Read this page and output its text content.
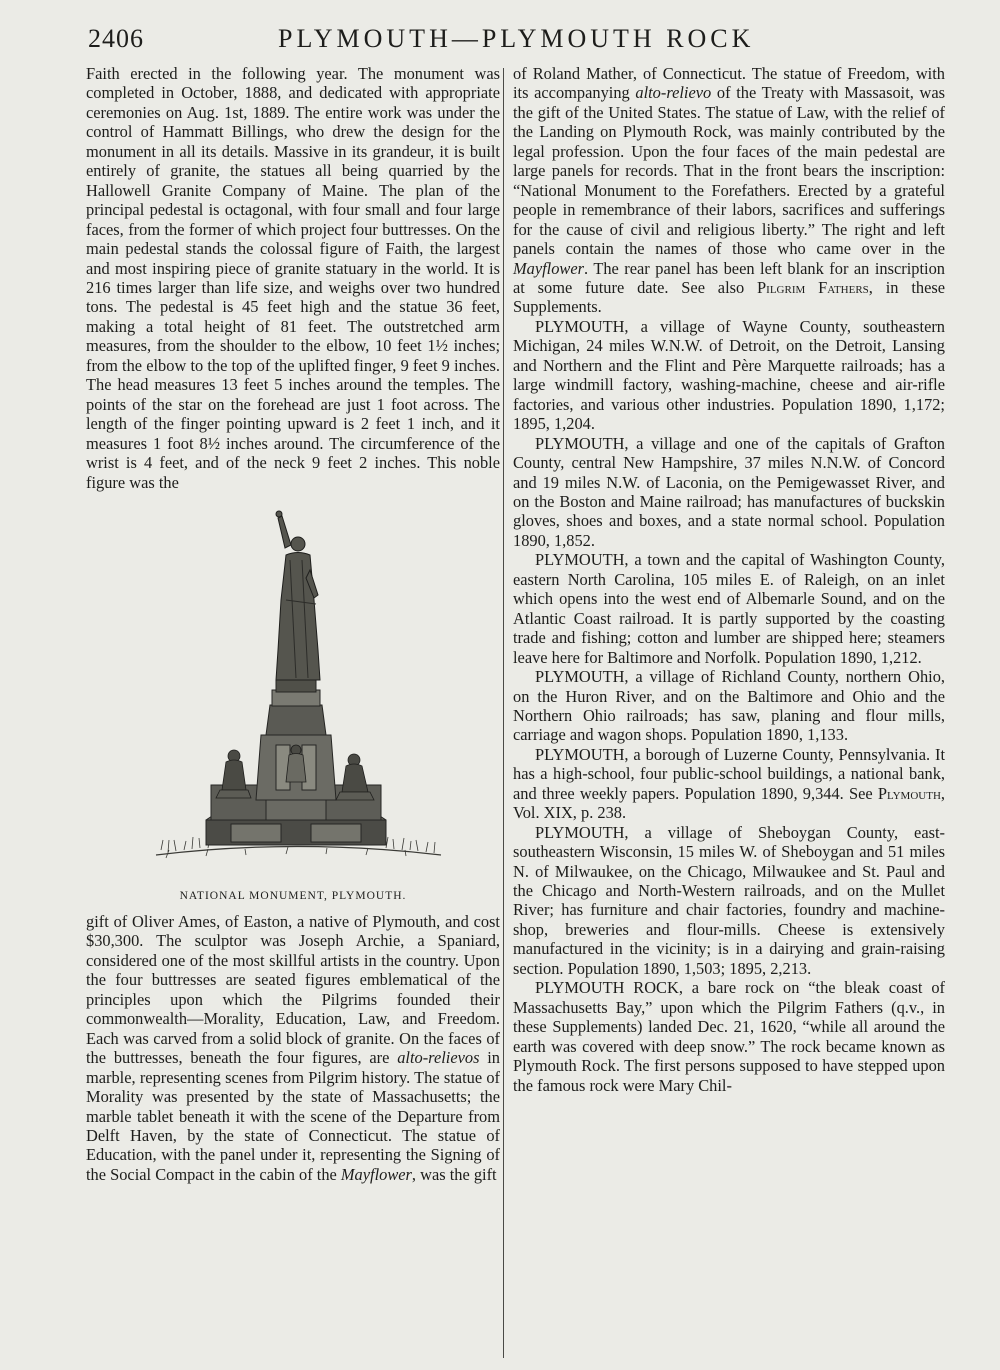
2406	PLYMOUTH—PLYMOUTH ROCK

Faith erected in the following year. The monument was completed in October, 1888, and dedicated with appropriate ceremonies on Aug. 1st, 1889. The entire work was under the control of Hammatt Billings, who drew the design for the monument in all its details. Massive in its grandeur, it is built entirely of granite, the statues all being quarried by the Hallowell Granite Company of Maine. The plan of the principal pedestal is octagonal, with four small and four large faces, from the former of which project four buttresses. On the main pedestal stands the colossal figure of Faith, the largest and most inspiring piece of granite statuary in the world. It is 216 times larger than life size, and weighs over two hundred tons. The pedestal is 45 feet high and the statue 36 feet, making a total height of 81 feet. The outstretched arm measures, from the shoulder to the elbow, 10 feet 1½ inches; from the elbow to the top of the uplifted finger, 9 feet 9 inches. The head measures 13 feet 5 inches around the temples. The points of the star on the forehead are just 1 foot across. The length of the finger pointing upward is 2 feet 1 inch, and it measures 1 foot 8½ inches around. The circumference of the wrist is 4 feet, and of the neck 9 feet 2 inches. This noble figure was the

NATIONAL MONUMENT, PLYMOUTH.

gift of Oliver Ames, of Easton, a native of Plymouth, and cost $30,300. The sculptor was Joseph Archie, a Spaniard, considered one of the most skillful artists in the country. Upon the four buttresses are seated figures emblematical of the principles upon which the Pilgrims founded their commonwealth—Morality, Education, Law, and Freedom. Each was carved from a solid block of granite. On the faces of the buttresses, beneath the four figures, are alto-relievos in marble, representing scenes from Pilgrim history. The statue of Morality was presented by the state of Massachusetts; the marble tablet beneath it with the scene of the Departure from Delft Haven, by the state of Connecticut. The statue of Education, with the panel under it, representing the Signing of the Social Compact in the cabin of the Mayflower, was the gift

of Roland Mather, of Connecticut. The statue of Freedom, with its accompanying alto-relievo of the Treaty with Massasoit, was the gift of the United States. The statue of Law, with the relief of the Landing on Plymouth Rock, was mainly contributed by the legal profession. Upon the four faces of the main pedestal are large panels for records. That in the front bears the inscription: “National Monument to the Forefathers. Erected by a grateful people in remembrance of their labors, sacrifices and sufferings for the cause of civil and religious liberty.” The right and left panels contain the names of those who came over in the Mayflower. The rear panel has been left blank for an inscription at some future date. See also Pilgrim Fathers, in these Supplements.

PLYMOUTH, a village of Wayne County, southeastern Michigan, 24 miles W.N.W. of Detroit, on the Detroit, Lansing and Northern and the Flint and Père Marquette railroads; has a large windmill factory, washing-machine, cheese and air-rifle factories, and various other industries. Population 1890, 1,172; 1895, 1,204.

PLYMOUTH, a village and one of the capitals of Grafton County, central New Hampshire, 37 miles N.N.W. of Concord and 19 miles N.W. of Laconia, on the Pemigewasset River, and on the Boston and Maine railroad; has manufactures of buckskin gloves, shoes and boxes, and a state normal school. Population 1890, 1,852.

PLYMOUTH, a town and the capital of Washington County, eastern North Carolina, 105 miles E. of Raleigh, on an inlet which opens into the west end of Albemarle Sound, and on the Atlantic Coast railroad. It is partly supported by the coasting trade and fishing; cotton and lumber are shipped here; steamers leave here for Baltimore and Norfolk. Population 1890, 1,212.

PLYMOUTH, a village of Richland County, northern Ohio, on the Huron River, and on the Baltimore and Ohio and the Northern Ohio railroads; has saw, planing and flour mills, carriage and wagon shops. Population 1890, 1,133.

PLYMOUTH, a borough of Luzerne County, Pennsylvania. It has a high-school, four public-school buildings, a national bank, and three weekly papers. Population 1890, 9,344. See Plymouth, Vol. XIX, p. 238.

PLYMOUTH, a village of Sheboygan County, east-southeastern Wisconsin, 15 miles W. of Sheboygan and 51 miles N. of Milwaukee, on the Chicago, Milwaukee and St. Paul and the Chicago and North-Western railroads, and on the Mullet River; has furniture and chair factories, foundry and machine-shop, breweries and flour-mills. Cheese is extensively manufactured in the vicinity; is in a dairying and grain-raising section. Population 1890, 1,503; 1895, 2,213.

PLYMOUTH ROCK, a bare rock on “the bleak coast of Massachusetts Bay,” upon which the Pilgrim Fathers (q.v., in these Supplements) landed Dec. 21, 1620, “while all around the earth was covered with deep snow.” The rock became known as Plymouth Rock. The first persons supposed to have stepped upon the famous rock were Mary Chil-
